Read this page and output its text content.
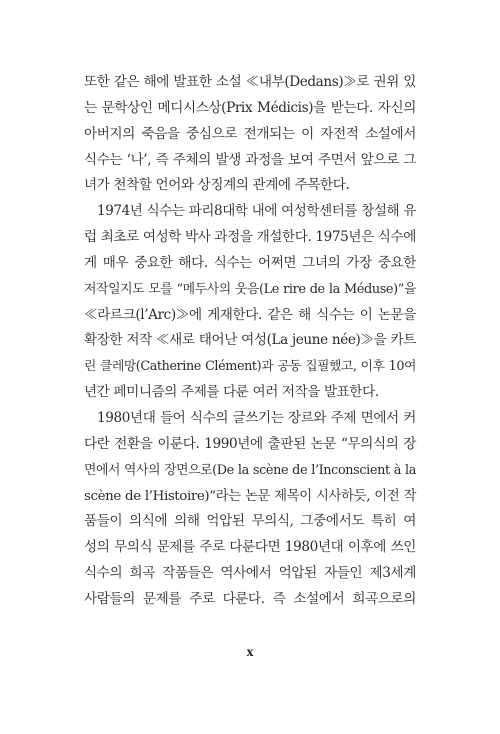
또한 같은 해에 발표한 소설 ≪내부(Dedans)≫로 권위 있
는 문학상인 메디시스상(Prix Médicis)을 받는다. 자신의
아버지의 죽음을 중심으로 전개되는 이 자전적 소설에서
식수는 ‘나’, 즉 주체의 발생 과정을 보여 주면서 앞으로 그
녀가 천착할 언어와 상징계의 관계에 주목한다.

1974년 식수는 파리8대학 내에 여성학센터를 창설해 유
럽 최초로 여성학 박사 과정을 개설한다. 1975년은 식수에
게 매우 중요한 해다. 식수는 어쩌면 그녀의 가장 중요한
저작일지도 모를 “메두사의 웃음(Le rire de la Méduse)”을
≪라르크(l’Arc)≫에 게재한다. 같은 해 식수는 이 논문을
확장한 저작 ≪새로 태어난 여성(La jeune née)≫을 카트
린 클레망(Catherine Clément)과 공동 집필했고, 이후 10여
년간 페미니즘의 주제를 다룬 여러 저작을 발표한다.

1980년대 들어 식수의 글쓰기는 장르와 주제 면에서 커
다란 전환을 이룬다. 1990년에 출판된 논문 “무의식의 장
면에서 역사의 장면으로(De la scène de l’Inconscient à la
scène de l’Histoire)”라는 논문 제목이 시사하듯, 이전 작
품들이 의식에 의해 억압된 무의식, 그중에서도 특히 여
성의 무의식 문제를 주로 다룬다면 1980년대 이후에 쓰인
식수의 희곡 작품들은 역사에서 억압된 자들인 제3세계
사람들의 문제를 주로 다룬다. 즉 소설에서 희곡으로의

x
